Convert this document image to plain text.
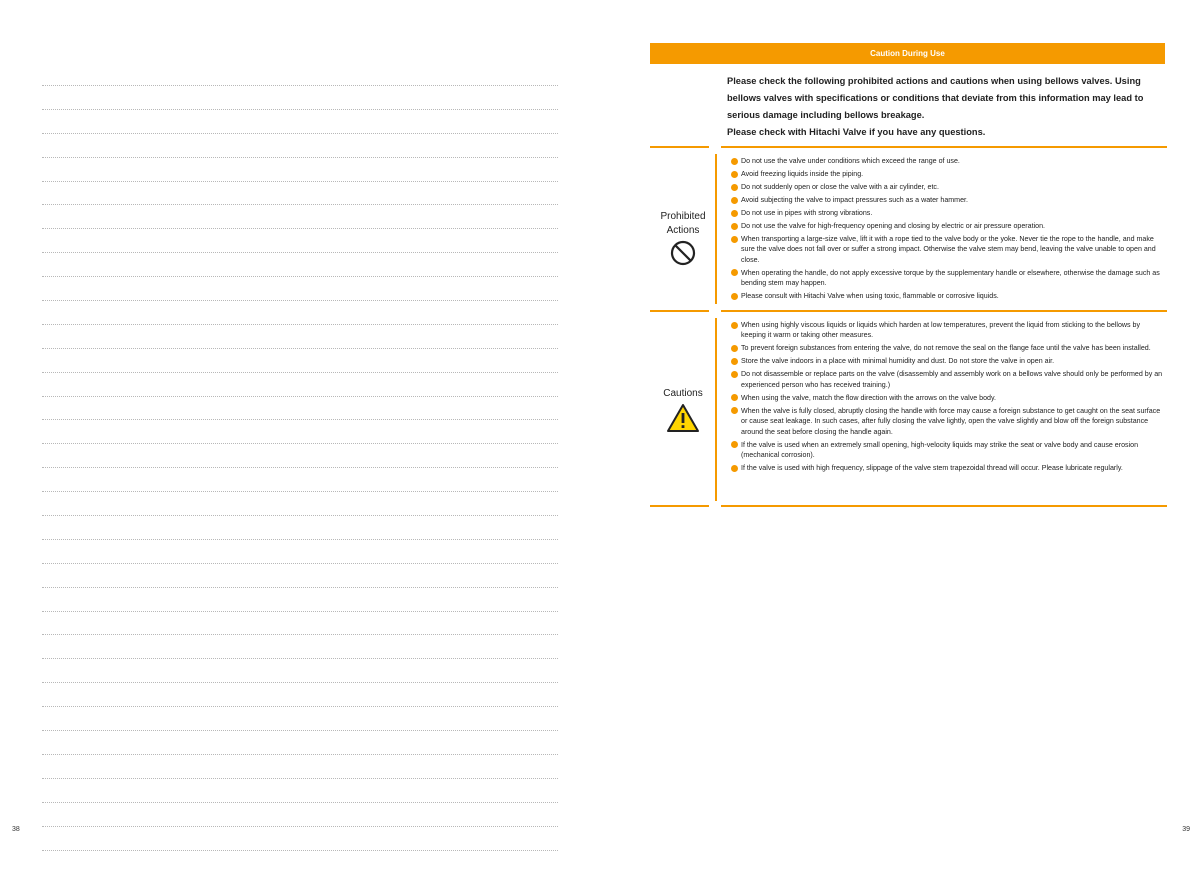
38
Caution During Use

Please check the following prohibited actions and cautions when using bellows valves. Using bellows valves with specifications or conditions that deviate from this information may lead to serious damage including bellows breakage.

Please check with Hitachi Valve if you have any questions.

Prohibited
Actions
Do not use the valve under conditions which exceed the range of use.
Avoid freezing liquids inside the piping.
Do not suddenly open or close the valve with a air cylinder, etc.
Avoid subjecting the valve to impact pressures such as a water hammer.
Do not use in pipes with strong vibrations.
Do not use the valve for high-frequency opening and closing by electric or air pressure operation.
When transporting a large-size valve, lift it with a rope tied to the valve body or the yoke. Never tie the rope to the handle, and make sure the valve does not fall over or suffer a strong impact. Otherwise the valve stem may bend, leaving the valve unable to open and close.
When operating the handle, do not apply excessive torque by the supplementary handle or elsewhere, otherwise the damage such as bending stem may happen.
Please consult with Hitachi Valve when using toxic, flammable or corrosive liquids.
Cautions
When using highly viscous liquids or liquids which harden at low temperatures, prevent the liquid from sticking to the bellows by keeping it warm or taking other measures.
To prevent foreign substances from entering the valve, do not remove the seal on the flange face until the valve has been installed.
Store the valve indoors in a place with minimal humidity and dust. Do not store the valve in open air.
Do not disassemble or replace parts on the valve (disassembly and assembly work on a bellows valve should only be performed by an experienced person who has received training.)
When using the valve, match the flow direction with the arrows on the valve body.
When the valve is fully closed, abruptly closing the handle with force may cause a foreign substance to get caught on the seat surface or cause seat leakage. In such cases, after fully closing the valve lightly, open the valve slightly and blow off the foreign substance around the seat before closing the handle again.
If the valve is used when an extremely small opening, high-velocity liquids may strike the seat or valve body and cause erosion (mechanical corrosion).
If the valve is used with high frequency, slippage of the valve stem trapezoidal thread will occur. Please lubricate regularly.
39
